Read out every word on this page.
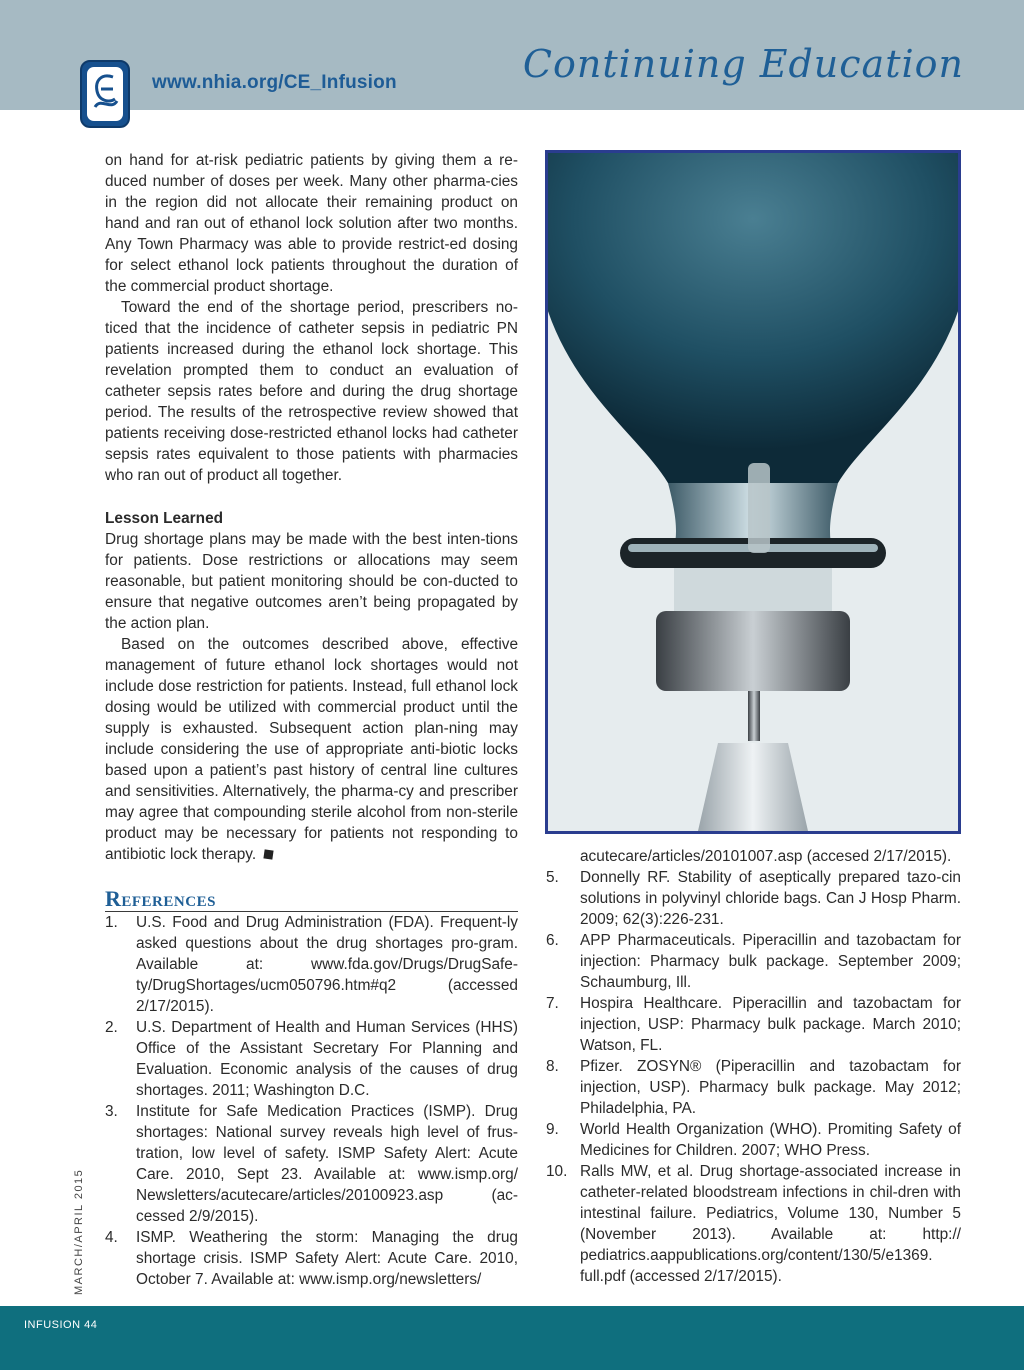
www.nhia.org/CE_Infusion	Continuing Education

on hand for at-risk pediatric patients by giving them a re-duced number of doses per week. Many other pharma-cies in the region did not allocate their remaining product on hand and ran out of ethanol lock solution after two months. Any Town Pharmacy was able to provide restrict-ed dosing for select ethanol lock patients throughout the duration of the commercial product shortage.

Toward the end of the shortage period, prescribers no-ticed that the incidence of catheter sepsis in pediatric PN patients increased during the ethanol lock shortage. This revelation prompted them to conduct an evaluation of catheter sepsis rates before and during the drug shortage period. The results of the retrospective review showed that patients receiving dose-restricted ethanol locks had catheter sepsis rates equivalent to those patients with pharmacies who ran out of product all together.

Lesson Learned

Drug shortage plans may be made with the best inten-tions for patients. Dose restrictions or allocations may seem reasonable, but patient monitoring should be con-ducted to ensure that negative outcomes aren’t being propagated by the action plan.

Based on the outcomes described above, effective management of future ethanol lock shortages would not include dose restriction for patients. Instead, full ethanol lock dosing would be utilized with commercial product until the supply is exhausted. Subsequent action plan-ning may include considering the use of appropriate anti-biotic locks based upon a patient’s past history of central line cultures and sensitivities. Alternatively, the pharma-cy and prescriber may agree that compounding sterile alcohol from non-sterile product may be necessary for patients not responding to antibiotic lock therapy.

References
1.	U.S. Food and Drug Administration (FDA). Frequent-ly asked questions about the drug shortages pro-gram. Available at: www.fda.gov/Drugs/DrugSafe-ty/DrugShortages/ucm050796.htm#q2 (accessed 2/17/2015).
2.	U.S. Department of Health and Human Services (HHS) Office of the Assistant Secretary For Planning and Evaluation. Economic analysis of the causes of drug shortages. 2011; Washington D.C.
3.	Institute for Safe Medication Practices (ISMP). Drug shortages: National survey reveals high level of frus-tration, low level of safety. ISMP Safety Alert: Acute Care. 2010, Sept 23. Available at: www.ismp.org/ Newsletters/acutecare/articles/20100923.asp (ac-cessed 2/9/2015).
4.	ISMP. Weathering the storm: Managing the drug shortage crisis. ISMP Safety Alert: Acute Care. 2010, October 7. Available at: www.ismp.org/newsletters/
acutecare/articles/20101007.asp (accesed 2/17/2015).
5.	Donnelly RF. Stability of aseptically prepared tazo-cin solutions in polyvinyl chloride bags. Can J Hosp Pharm. 2009; 62(3):226-231.
6.	APP Pharmaceuticals. Piperacillin and tazobactam for injection: Pharmacy bulk package. September 2009; Schaumburg, Ill.
7.	Hospira Healthcare. Piperacillin and tazobactam for injection, USP: Pharmacy bulk package. March 2010; Watson, FL.
8.	Pfizer. ZOSYN® (Piperacillin and tazobactam for injection, USP). Pharmacy bulk package. May 2012; Philadelphia, PA.
9.	World Health Organization (WHO). Promiting Safety of Medicines for Children. 2007; WHO Press.
10. Ralls MW, et al. Drug shortage-associated increase in catheter-related bloodstream infections in chil-dren with intestinal failure. Pediatrics, Volume 130, Number 5 (November 2013). Available at: http:// pediatrics.aappublications.org/content/130/5/e1369. full.pdf (accessed 2/17/2015).
MARCH/APRIL 2015
INFUSION 44
